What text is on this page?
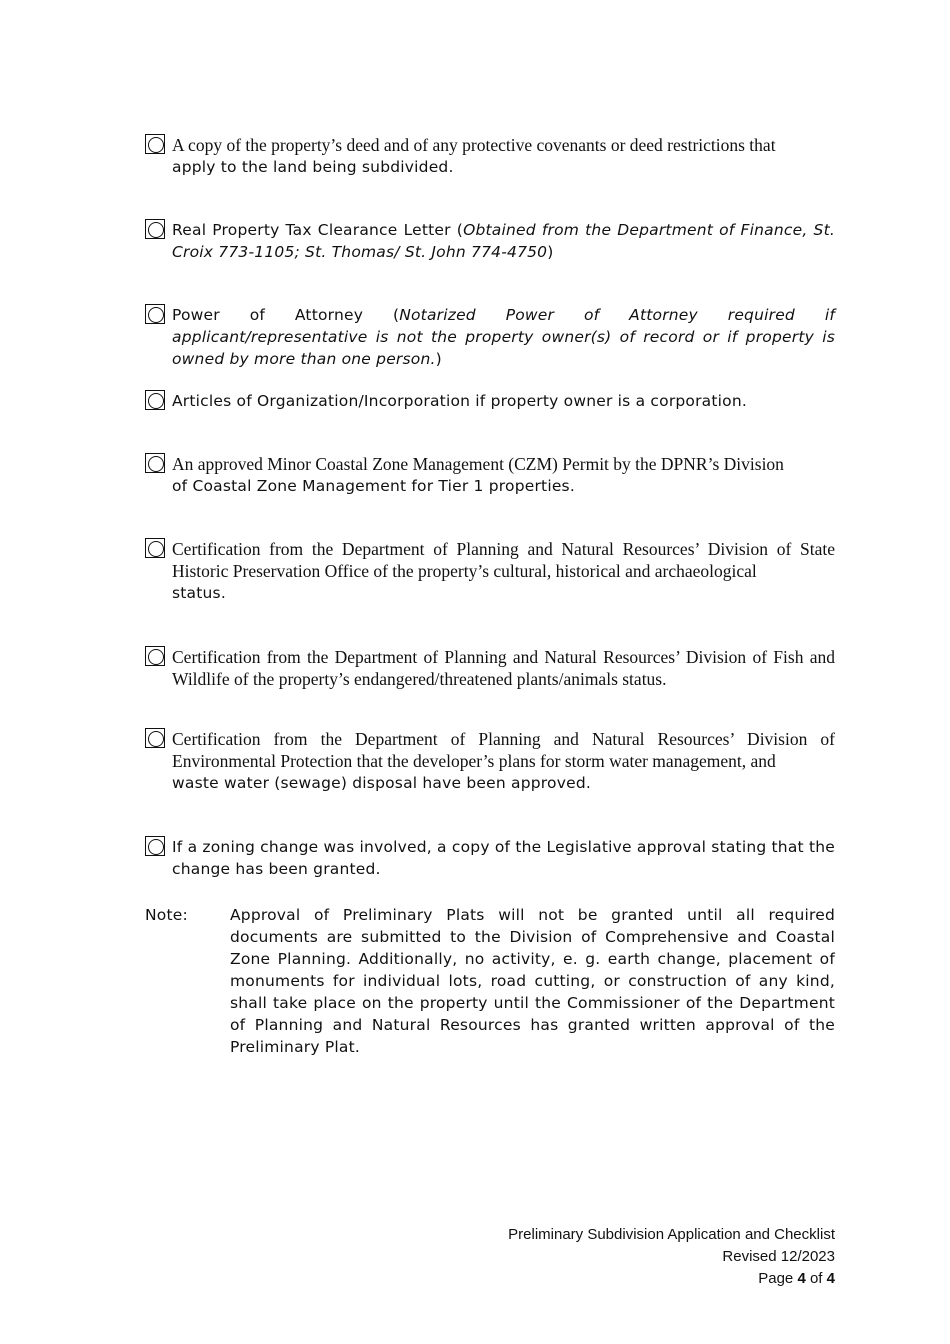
A copy of the property’s deed and of any protective covenants or deed restrictions that
apply to the land being subdivided.
Real Property Tax Clearance Letter (Obtained from the Department of Finance, St. Croix 773-1105; St. Thomas/ St. John 774-4750)
Power of Attorney (Notarized Power of Attorney required if applicant/representative is not the property owner(s) of record or if property is owned by more than one person.)
Articles of Organization/Incorporation if property owner is a corporation.
An approved Minor Coastal Zone Management (CZM) Permit by the DPNR’s Division
of Coastal Zone Management for Tier 1 properties.
Certification from the Department of Planning and Natural Resources’ Division of State Historic Preservation Office of the property’s cultural, historical and archaeological
status.
Certification from the Department of Planning and Natural Resources’ Division of Fish and Wildlife of the property’s endangered/threatened plants/animals status.
Certification from the Department of Planning and Natural Resources’ Division of Environmental Protection that the developer’s plans for storm water management, and
waste water (sewage) disposal have been approved.
If a zoning change was involved, a copy of the Legislative approval stating that the change has been granted.
Note:	Approval of Preliminary Plats will not be granted until all required documents are submitted to the Division of Comprehensive and Coastal Zone Planning. Additionally, no activity, e. g. earth change, placement of monuments for individual lots, road cutting, or construction of any kind, shall take place on the property until the Commissioner of the Department of Planning and Natural Resources has granted written approval of the Preliminary Plat.
Preliminary Subdivision Application and Checklist
Revised 12/2023
Page 4 of 4
